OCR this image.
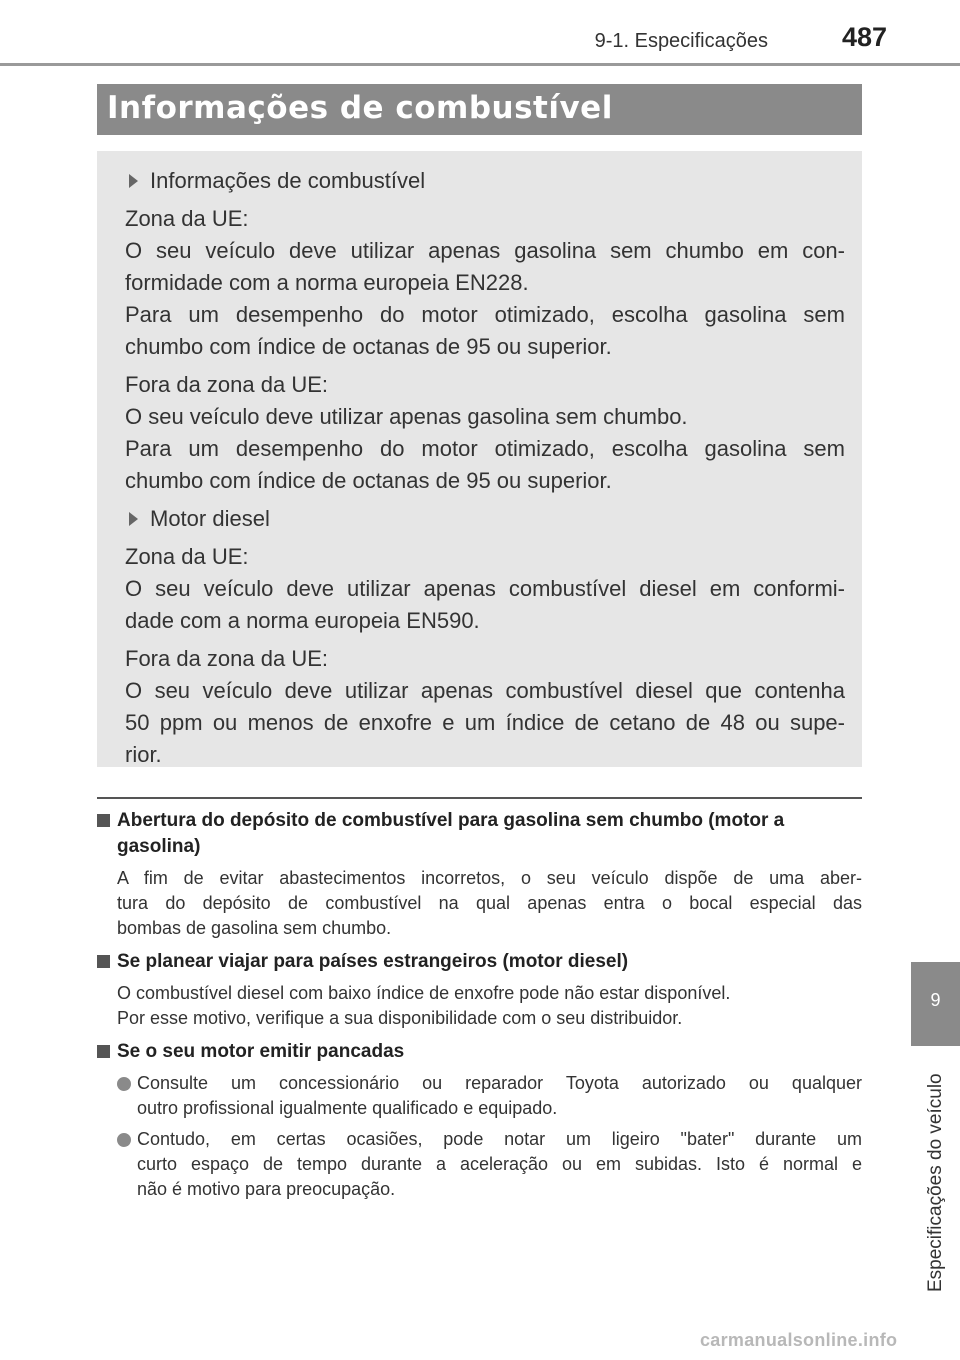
9-1. Especificações	487
Informações de combustível
Informações de combustível
Zona da UE:
O seu veículo deve utilizar apenas gasolina sem chumbo em con-
formidade com a norma europeia EN228.
Para um desempenho do motor otimizado, escolha gasolina sem
chumbo com índice de octanas de 95 ou superior.
Fora da zona da UE:
O seu veículo deve utilizar apenas gasolina sem chumbo.
Para um desempenho do motor otimizado, escolha gasolina sem
chumbo com índice de octanas de 95 ou superior.
Motor diesel
Zona da UE:
O seu veículo deve utilizar apenas combustível diesel em conformi-
dade com a norma europeia EN590.
Fora da zona da UE:
O seu veículo deve utilizar apenas combustível diesel que contenha
50 ppm ou menos de enxofre e um índice de cetano de 48 ou supe-
rior.
Abertura do depósito de combustível para gasolina sem chumbo (motor a gasolina)
A fim de evitar abastecimentos incorretos, o seu veículo dispõe de uma aber-
tura do depósito de combustível na qual apenas entra o bocal especial das
bombas de gasolina sem chumbo.
Se planear viajar para países estrangeiros (motor diesel)
O combustível diesel com baixo índice de enxofre pode não estar disponível.
Por esse motivo, verifique a sua disponibilidade com o seu distribuidor.
Se o seu motor emitir pancadas
Consulte um concessionário ou reparador Toyota autorizado ou qualquer
outro profissional igualmente qualificado e equipado.
Contudo, em certas ocasiões, pode notar um ligeiro "bater" durante um
curto espaço de tempo durante a aceleração ou em subidas. Isto é normal e
não é motivo para preocupação.
9
Especificações do veículo
carmanualsonline.info
